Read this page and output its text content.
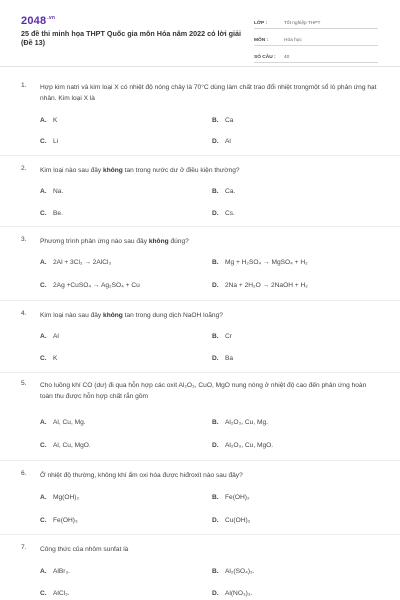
$2048^{.vn}$
25 đề thi minh họa THPT Quốc gia môn Hóa năm 2022 có lời giải (Đề 13)
LỚP :	Tốt nghiệp THPT
MÔN :	Hóa học
SỐ CÂU :	40
1. Hợp kim natri và kim loại X có nhiệt độ nóng chảy là 70°C dùng làm chất trao đổi nhiệt trongmột sổ lò phản ứng hạt nhân. Kim loại X là
A. K	B. Ca
C. Li	D. Al
2. Kim loại nào sau đây không tan trong nước dư ở điều kiện thường?
A. Na.	B. Ca.
C. Be.	D. Cs.
3. Phương trình phản ứng nào sau đây không đúng?
A. 2Al + 3Cl₂ → 2AlCl₃	B. Mg + H₂SO₄ → MgSO₄ + H₂
C. 2Ag +CuSO₄ → Ag₂SO₄ + Cu	D. 2Na + 2H₂O → 2NaOH + H₂
4. Kim loại nào sau đây không tan trong dung dịch NaOH loãng?
A. Al	B. Cr
C. K	D. Ba
5. Cho luồng khí CO (dư) đi qua hỗn hợp các oxit Al₂O₃, CuO, MgO nung nóng ở nhiệt độ cao đến phản ứng hoàn toàn thu được hỗn hợp chất rắn gồm
A. Al, Cu, Mg.	B. Al₂O₃, Cu, Mg.
C. Al, Cu, MgO.	D. Al₂O₃, Cu, MgO.
6. Ở nhiệt độ thường, không khí ẩm oxi hóa được hiđroxit nào sau đây?
A. Mg(OH)₂	B. Fe(OH)₂
C. Fe(OH)₃	D. Cu(OH)₂
7. Công thức của nhôm sunfat là
A. AlBr₃.	B. Al₂(SO₄)₃.
C. AlCl₃.	D. Al(NO₃)₃.
